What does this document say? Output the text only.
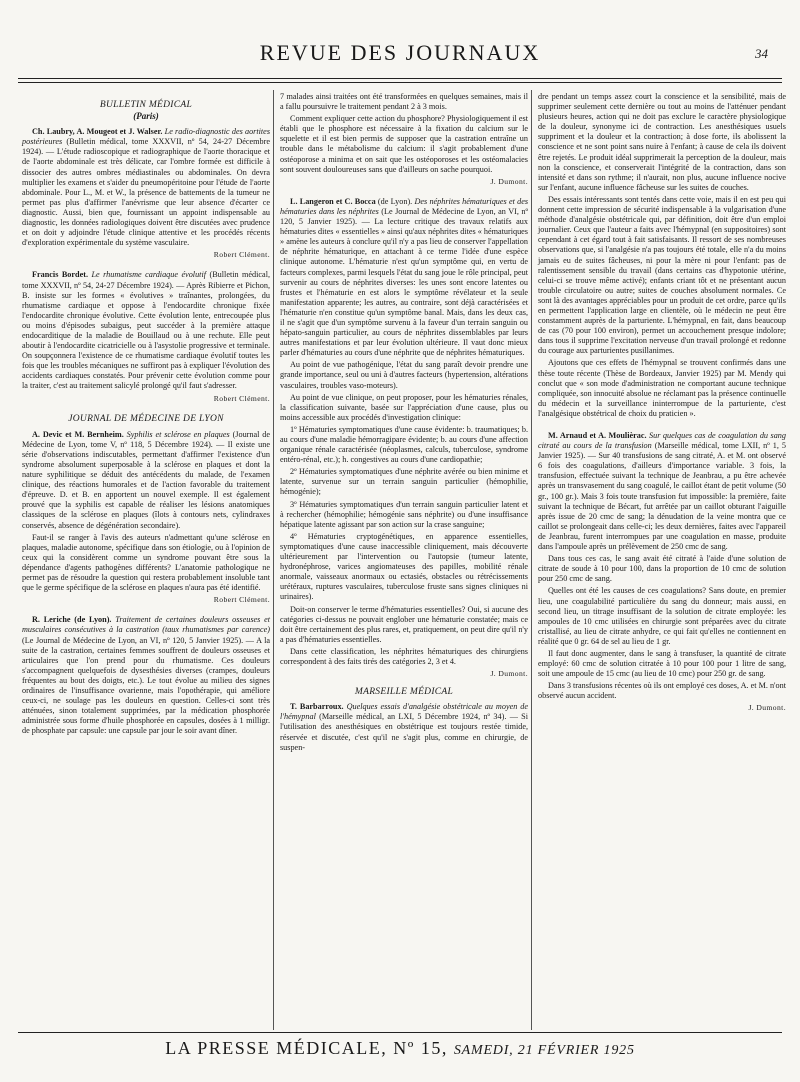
REVUE DES JOURNAUX	34
BULLETIN MÉDICAL
(Paris)

Ch. Laubry, A. Mougeot et J. Walser. Le radio-diagnostic des aortites postérieures (Bulletin médical, tome XXXVII, nº 54, 24-27 Décembre 1924). — L'étude radioscopique et radiographique de l'aorte thoracique et de l'aorte abdominale est très délicate, car l'ombre formée est difficile à dissocier des autres ombres médiastinales ou abdominales. On devra multiplier les examens et s'aider du pneumopéritoine pour l'étude de l'aorte abdominale. Pour L., M. et W., la présence de battements de la tumeur ne permet pas plus d'affirmer l'anévrisme que leur absence d'écarter ce diagnostic. Aussi, bien que, fournissant un appoint indispensable au diagnostic, les données radiologiques doivent être discutées avec prudence et on doit y adjoindre l'étude clinique attentive et les procédés récents d'exploration expérimentale du système vasculaire.

Robert Clément.

Francis Bordet. Le rhumatisme cardiaque évolutif (Bulletin médical, tome XXXVII, nº 54, 24-27 Décembre 1924). — Après Ribierre et Pichon, B. insiste sur les formes « évolutives » traînantes, prolongées, du rhumatisme cardiaque et oppose à l'endocardite chronique fixée l'endocardite chronique évolutive. Cette évolution lente, entrecoupée plus ou moins d'épisodes subaigus, peut succéder à la première attaque endocarditique de la maladie de Bouillaud ou à une rechute. Elle peut aboutir à l'endocardite cicatricielle ou à l'asystolie progressive et terminale. On soupçonnera l'existence de ce rhumatisme cardiaque évolutif toutes les fois que les troubles mécaniques ne suffiront pas à expliquer l'évolution des accidents cardiaques constatés. Pour prévenir cette évolution comme pour la traiter, c'est au traitement salicylé prolongé qu'il faut s'adresser.

Robert Clément.
JOURNAL DE MÉDECINE DE LYON

A. Devic et M. Bernheim. Syphilis et sclérose en plaques (Journal de Médecine de Lyon, tome V, nº 118, 5 Décembre 1924). — Il existe une série d'observations indiscutables, permettant d'affirmer l'existence d'un syndrome absolument superposable à la sclérose en plaques et dont la nature syphilitique se déduit des antécédents du malade, de l'examen clinique, des réactions humorales et de l'action favorable du traitement d'épreuve. D. et B. en apportent un nouvel exemple. Il est également prouvé que la syphilis est capable de réaliser les lésions anatomiques classiques de la sclérose en plaques (îlots à contours nets, cylindraxes conservés, absence de dégénération secondaire).

Faut-il se ranger à l'avis des auteurs n'admettant qu'une sclérose en plaques, maladie autonome, spécifique dans son étiologie, ou à l'opinion de ceux qui la considèrent comme un syndrome pouvant être sous la dépendance d'agents pathogènes différents? L'anatomie pathologique ne permet pas de résoudre la question qui restera probablement insoluble tant que le germe spécifique de la sclérose en plaques n'aura pas été identifié.

Robert Clément.

R. Leriche (de Lyon). Traitement de certaines douleurs osseuses et musculaires consécutives à la castration (taux rhumatismes par carence) (Le Journal de Médecine de Lyon, an VI, nº 120, 5 Janvier 1925). — A la suite de la castration, certaines femmes souffrent de douleurs osseuses et articulaires que l'on prend pour du rhumatisme. Ces douleurs s'accompagnent quelquefois de dysesthésies diverses (crampes, douleurs fréquentes au bout des doigts, etc.). Le tout évolue au milieu des signes ordinaires de l'insuffisance ovarienne, mais l'opothérapie, qui améliore ceux-ci, ne soulage pas les douleurs en question. Celles-ci sont très atténuées, sinon totalement supprimées, par la médication phosphorée administrée sous forme d'huile phosphorée en capsules, dosées à 1 milligr. de phosphate par capsule: une capsule par jour le soir avant dîner.

7 malades ainsi traitées ont été transformées en quelques semaines, mais il a fallu poursuivre le traitement pendant 2 à 3 mois.

Comment expliquer cette action du phosphore? Physiologiquement il est établi que le phosphore est nécessaire à la fixation du calcium sur le squelette et il est bien permis de supposer que la castration entraîne un trouble dans le métabolisme du calcium: il s'agit probablement d'une ostéoporose a minima et on sait que les ostéoporoses et les ostéomalacies sont souvent douloureuses sans que d'ailleurs on sache pourquoi.

J. Dumont.

L. Langeron et C. Bocca (de Lyon). Des néphrites hématuriques et des hématuries dans les néphrites (Le Journal de Médecine de Lyon, an VI, nº 120, 5 Janvier 1925). — La lecture critique des travaux relatifs aux hématuries dites « essentielles » ainsi qu'aux néphrites dites « hématuriques » amène les auteurs à conclure qu'il n'y a pas lieu de conserver l'appellation de néphrite hématurique, en attachant à ce terme l'idée d'une espèce clinique autonome. L'hématurie n'est qu'un symptôme qui, en vertu de facteurs complexes, parmi lesquels l'état du sang joue le rôle principal, peut survenir au cours de néphrites diverses: les unes sont encore latentes ou frustes et l'hématurie en est alors le symptôme révélateur et la seule manifestation apparente; les autres, au contraire, sont déjà caractérisées et l'hématurie n'en constitue qu'un symptôme banal. Mais, dans les deux cas, il ne s'agit que d'un symptôme survenu à la faveur d'un terrain sanguin ou hépato-sanguin particulier, au cours de néphrites dissemblables par leurs autres manifestations et par leur évolution ultérieure. Il vaut donc mieux parler d'hématuries au cours d'une néphrite que de néphrites hématuriques.

Au point de vue pathogénique, l'état du sang paraît devoir prendre une grande importance, seul ou uni à d'autres facteurs (hypertension, altérations vasculaires, troubles vaso-moteurs).

Au point de vue clinique, on peut proposer, pour les hématuries rénales, la classification suivante, basée sur l'appréciation d'une cause, plus ou moins accessible aux procédés d'investigation clinique:

1º Hématuries symptomatiques d'une cause évidente: b. traumatiques; b. au cours d'une maladie hémorragipare évidente; b. au cours d'une affection organique rénale caractérisée (néoplasmes, calculs, tuberculose, syndrome entéro-rénal, etc.); h. congestives au cours d'une cardiopathie;

2º Hématuries symptomatiques d'une néphrite avérée ou bien minime et latente, survenue sur un terrain sanguin particulier (hémophilie, hémogénie);

3º Hématuries symptomatiques d'un terrain sanguin particulier latent et à rechercher (hémophilie; hémogénie sans néphrite) ou d'une insuffisance hépatique latente agissant par son action sur la crase sanguine;

4º Hématuries cryptogénétiques, en apparence essentielles, symptomatiques d'une cause inaccessible cliniquement, mais découverte ultérieurement par l'intervention ou l'autopsie (tumeur latente, hydronéphrose, varices angiomateuses des papilles, mobilité rénale anormale, vaisseaux anormaux ou ectasiés, obstacles ou rétrécissements urétéraux, ruptures vasculaires, tuberculose fruste sans signes cliniques ni urinaires).

Doit-on conserver le terme d'hématuries essentielles? Oui, si aucune des catégories ci-dessus ne pouvait englober une hématurie constatée; mais ce doit être certainement des plus rares, et, pratiquement, on peut dire qu'il n'y a pas d'hématuries essentielles.

Dans cette classification, les néphrites hématuriques des chirurgiens correspondent à des faits tirés des catégories 2, 3 et 4.

J. Dumont.
MARSEILLE MÉDICAL

T. Barbarroux. Quelques essais d'analgésie obstétricale au moyen de l'hémypnal (Marseille médical, an LXI, 5 Décembre 1924, nº 34). — Si l'utilisation des anesthésiques en obstétrique est toujours restée timide, réservée et discutée, c'est qu'il ne s'agit plus, comme en chirurgie, de suspen-

dre pendant un temps assez court la conscience et la sensibilité, mais de supprimer seulement cette dernière ou tout au moins de l'atténuer pendant plusieurs heures, action qui ne doit pas exclure le caractère physiologique de la douleur, synonyme ici de contraction. Les anesthésiques usuels suppriment et la douleur et la contraction; à dose forte, ils abolissent la conscience et ne sont point sans nuire à l'enfant; à cause de cela ils doivent être rejetés. Le produit idéal supprimerait la perception de la douleur, mais non la conscience, et conserverait l'intégrité de la contraction, dans son intensité et dans son rythme; il n'aurait, non plus, aucune influence nocive sur l'enfant, aucune influence fâcheuse sur les suites de couches.

Des essais intéressants sont tentés dans cette voie, mais il en est peu qui donnent cette impression de sécurité indispensable à la vulgarisation d'une méthode d'analgésie obstétricale qui, par définition, doit être d'un emploi journalier. Ceux que l'auteur a faits avec l'hémypnal (en suppositoires) sont cependant à cet égard tout à fait satisfaisants. Il ressort de ses nombreuses observations que, si l'analgésie n'a pas toujours été totale, elle n'a du moins jamais eu de suites fâcheuses, ni pour la mère ni pour l'enfant: pas de ralentissement sensible du travail (dans certains cas d'hypotonie utérine, celui-ci se trouve même activé); enfants criant tôt et ne présentant aucun trouble circulatoire ou autre; suites de couches absolument normales. Ce sont là des avantages appréciables pour un produit de cet ordre, parce qu'ils en permettent l'application large en clientèle, où le médecin ne peut être constamment auprès de la parturiente. L'hémypnal, en fait, dans beaucoup de cas (70 pour 100 environ), permet un accouchement presque indolore; dans tous il supprime l'excitation nerveuse d'un travail prolongé et redonne du courage aux parturientes pusillanimes.

Ajoutons que ces effets de l'hémypnal se trouvent confirmés dans une thèse toute récente (Thèse de Bordeaux, Janvier 1925) par M. Mendy qui conclut que « son mode d'administration ne comportant aucune technique compliquée, son innocuité absolue ne réclamant pas la présence continuelle du médecin et la surveillance ininterrompue de la parturiente, c'est l'analgésique obstétrical de choix du praticien ».

M. Arnaud et A. Moulièrac. Sur quelques cas de coagulation du sang citraté au cours de la transfusion (Marseille médical, tome LXII, nº 1, 5 Janvier 1925). — Sur 40 transfusions de sang citraté, A. et M. ont observé 6 fois des coagulations, d'ailleurs d'importance variable. 3 fois, la transfusion, effectuée suivant la technique de Jeanbrau, a pu être achevée après un transvasement du sang coagulé, le caillot étant de petit volume (50 gr., 100 gr.). Mais 3 fois toute transfusion fut impossible: la première, faite suivant la technique de Bécart, fut arrêtée par un caillot obturant l'aiguille après issue de 20 cmc de sang; la dénudation de la veine montra que ce caillot se prolongeait dans celle-ci; les deux dernières, faites avec l'appareil de Jeanbrau, furent interrompues par une coagulation en masse, produite dans l'ampoule après un prélèvement de 250 cmc de sang.

Dans tous ces cas, le sang avait été citraté à l'aide d'une solution de citrate de soude à 10 pour 100, dans la proportion de 10 cmc de solution pour 250 cmc de sang.

Quelles ont été les causes de ces coagulations? Sans doute, en premier lieu, une coagulabilité particulière du sang du donneur; mais aussi, en second lieu, un titrage insuffisant de la solution de citrate employée: les ampoules de 10 cmc utilisées en chirurgie sont préparées avec du citrate cristallisé, au lieu de citrate anhydre, ce qui fait qu'elles ne contiennent en réalité que 0 gr. 64 de sel au lieu de 1 gr.

Il faut donc augmenter, dans le sang à transfuser, la quantité de citrate employé: 60 cmc de solution citratée à 10 pour 100 pour 1 litre de sang, soit une ampoule de 15 cmc (au lieu de 10 cmc) pour 250 gr. de sang.

Dans 3 transfusions récentes où ils ont employé ces doses, A. et M. n'ont observé aucun accident.

J. Dumont.
LA PRESSE MÉDICALE, Nº 15, SAMEDI, 21 FÉVRIER 1925
